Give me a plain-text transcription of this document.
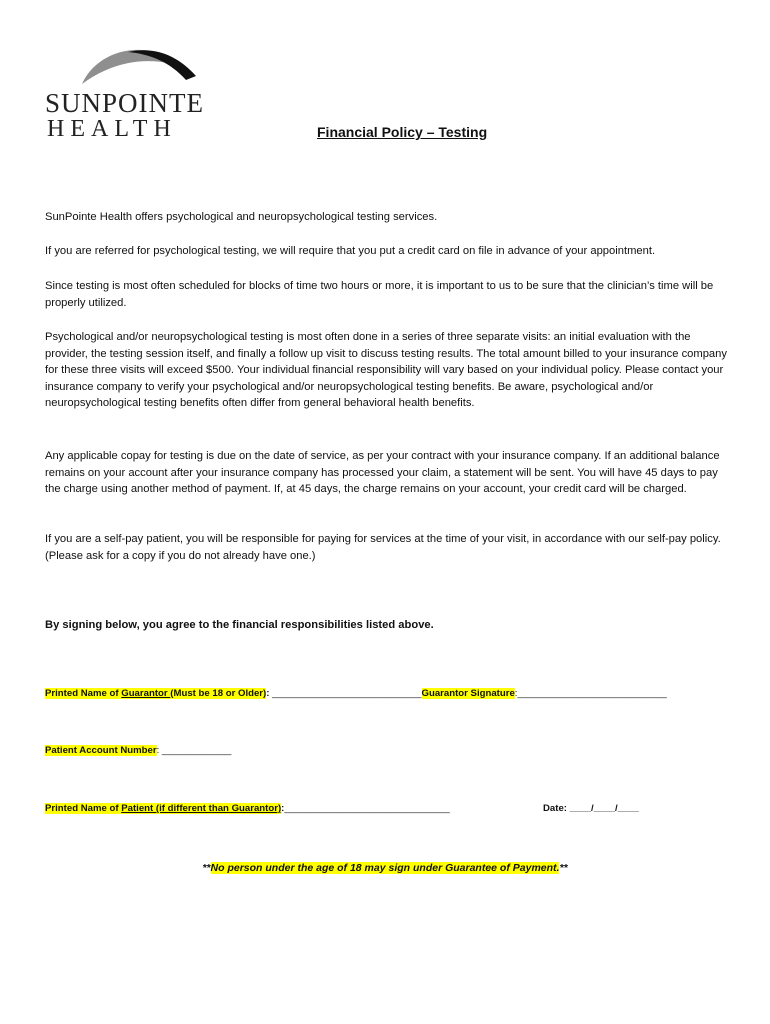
SUNPOINTE
HEALTH	Financial Policy – Testing

SunPointe Health offers psychological and neuropsychological testing services.

If you are referred for psychological testing, we will require that you put a credit card on file in advance of your appointment.

Since testing is most often scheduled for blocks of time two hours or more, it is important to us to be sure that the clinician’s time will be properly utilized.

Psychological and/or neuropsychological testing is most often done in a series of three separate visits: an initial evaluation with the provider, the testing session itself, and finally a follow up visit to discuss testing results. The total amount billed to your insurance company for these three visits will exceed $500. Your individual financial responsibility will vary based on your individual policy. Please contact your insurance company to verify your psychological and/or neuropsychological testing benefits. Be aware, psychological and/or neuropsychological testing benefits often differ from general behavioral health benefits.

Any applicable copay for testing is due on the date of service, as per your contract with your insurance company. If an additional balance remains on your account after your insurance company has processed your claim, a statement will be sent. You will have 45 days to pay the charge using another method of payment. If, at 45 days, the charge remains on your account, your credit card will be charged.

If you are a self-pay patient, you will be responsible for paying for services at the time of your visit, in accordance with our self-pay policy. (Please ask for a copy if you do not already have one.)

By signing below, you agree to the financial responsibilities listed above.
Printed Name of Guarantor (Must be 18 or Older): ____________________________Guarantor Signature:____________________________
Patient Account Number: _____________
Printed Name of Patient (if different than Guarantor):_______________________________	Date: ____/____/____
**No person under the age of 18 may sign under Guarantee of Payment.**
